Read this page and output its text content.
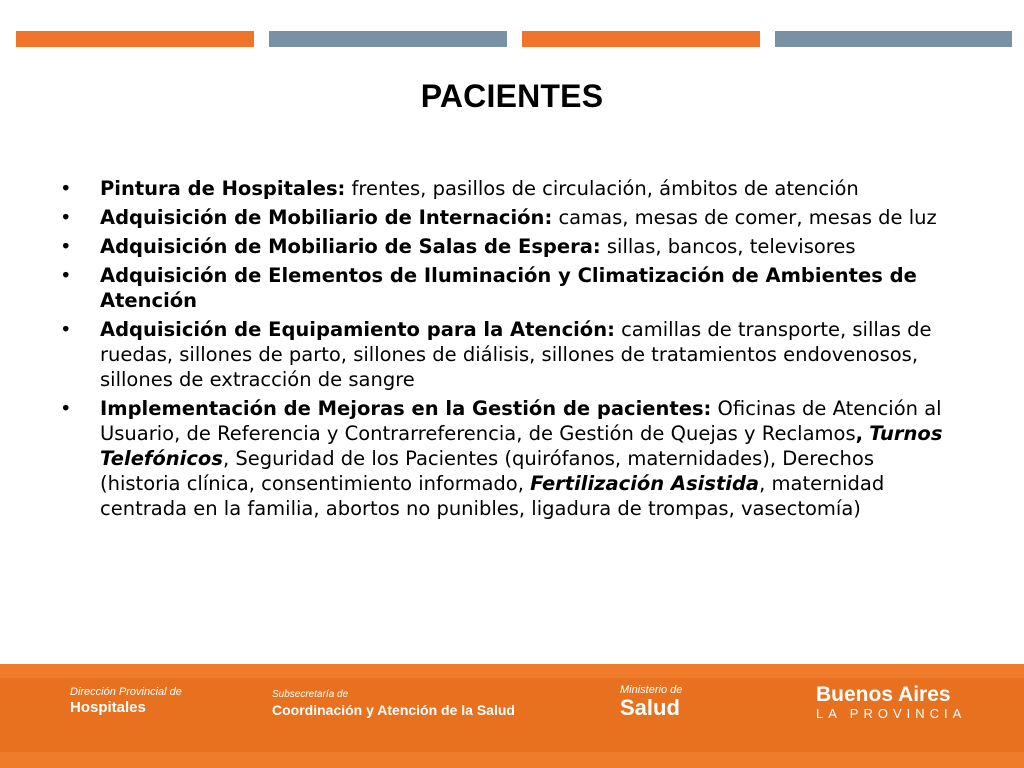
PACIENTES
• Pintura de Hospitales: frentes, pasillos de circulación, ámbitos de atención
• Adquisición de Mobiliario de Internación: camas, mesas de comer, mesas de luz
• Adquisición de Mobiliario de Salas de Espera: sillas, bancos, televisores
• Adquisición de Elementos de Iluminación y Climatización de Ambientes de Atención
• Adquisición de Equipamiento para la Atención: camillas de transporte, sillas de ruedas, sillones de parto, sillones de diálisis, sillones de tratamientos endovenosos, sillones de extracción de sangre
• Implementación de Mejoras en la Gestión de pacientes: Oficinas de Atención al Usuario, de Referencia y Contrarreferencia, de Gestión de Quejas y Reclamos, Turnos Telefónicos, Seguridad de los Pacientes (quirófanos, maternidades), Derechos (historia clínica, consentimiento informado, Fertilización Asistida, maternidad centrada en la familia, abortos no punibles, ligadura de trompas, vasectomía)
Dirección Provincial de
Hospitales
Subsecretaría de
Coordinación y Atención de la Salud
Ministerio de
Salud
Buenos Aires
LA PROVINCIA
